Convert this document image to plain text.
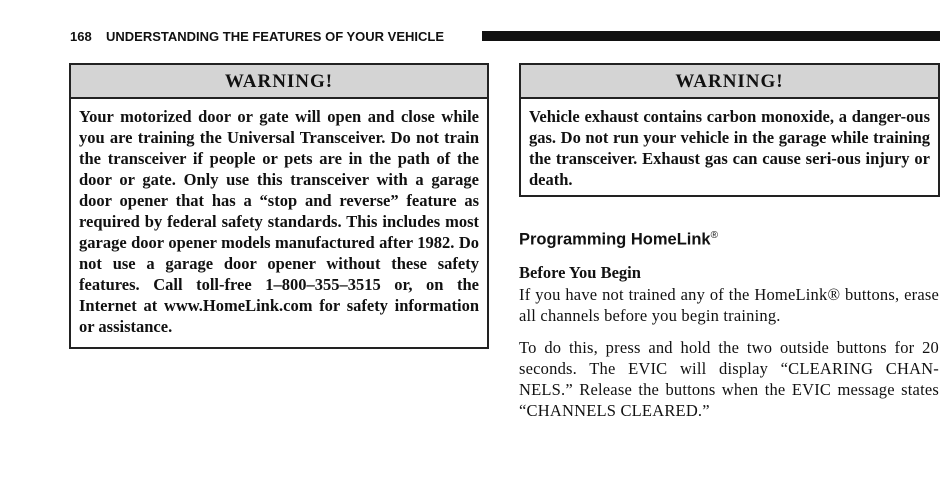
168 UNDERSTANDING THE FEATURES OF YOUR VEHICLE
WARNING!
Your motorized door or gate will open and close while you are training the Universal Transceiver. Do not train the transceiver if people or pets are in the path of the door or gate. Only use this transceiver with a garage door opener that has a “stop and reverse” feature as required by federal safety standards. This includes most garage door opener models manufactured after 1982. Do not use a garage door opener without these safety features. Call toll-free 1–800–355–3515 or, on the Internet at www.HomeLink.com for safety information or assistance.
WARNING!
Vehicle exhaust contains carbon monoxide, a danger-ous gas. Do not run your vehicle in the garage while training the transceiver. Exhaust gas can cause seri-ous injury or death.
Programming HomeLink®
Before You Begin
If you have not trained any of the HomeLink® buttons, erase all channels before you begin training.
To do this, press and hold the two outside buttons for 20 seconds. The EVIC will display “CLEARING CHAN-NELS.” Release the buttons when the EVIC message states “CHANNELS CLEARED.”
